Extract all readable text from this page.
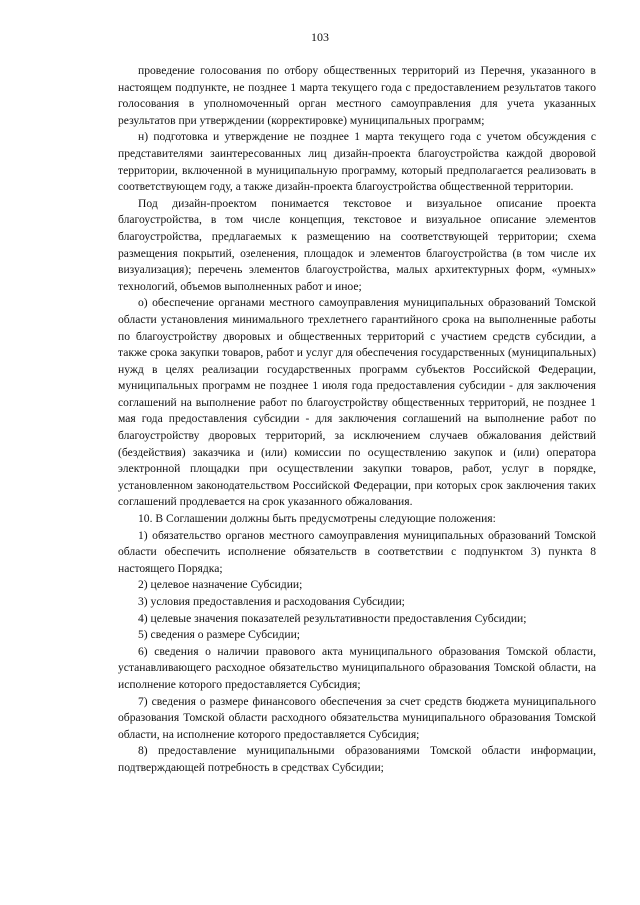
103

проведение голосования по отбору общественных территорий из Перечня, указанного в настоящем подпункте, не позднее 1 марта текущего года с предоставлением результатов такого голосования в уполномоченный орган местного самоуправления для учета указанных результатов при утверждении (корректировке) муниципальных программ;

н) подготовка и утверждение не позднее 1 марта текущего года с учетом обсуждения с представителями заинтересованных лиц дизайн-проекта благоустройства каждой дворовой территории, включенной в муниципальную программу, который предполагается реализовать в соответствующем году, а также дизайн-проекта благоустройства общественной территории.

Под дизайн-проектом понимается текстовое и визуальное описание проекта благоустройства, в том числе концепция, текстовое и визуальное описание элементов благоустройства, предлагаемых к размещению на соответствующей территории; схема размещения покрытий, озеленения, площадок и элементов благоустройства (в том числе их визуализация); перечень элементов благоустройства, малых архитектурных форм, «умных» технологий, объемов выполненных работ и иное;

о) обеспечение органами местного самоуправления муниципальных образований Томской области установления минимального трехлетнего гарантийного срока на выполненные работы по благоустройству дворовых и общественных территорий с участием средств субсидии, а также срока закупки товаров, работ и услуг для обеспечения государственных (муниципальных) нужд в целях реализации государственных программ субъектов Российской Федерации, муниципальных программ не позднее 1 июля года предоставления субсидии - для заключения соглашений на выполнение работ по благоустройству общественных территорий, не позднее 1 мая года предоставления субсидии - для заключения соглашений на выполнение работ по благоустройству дворовых территорий, за исключением случаев обжалования действий (бездействия) заказчика и (или) комиссии по осуществлению закупок и (или) оператора электронной площадки при осуществлении закупки товаров, работ, услуг в порядке, установленном законодательством Российской Федерации, при которых срок заключения таких соглашений продлевается на срок указанного обжалования.

10. В Соглашении должны быть предусмотрены следующие положения:

1) обязательство органов местного самоуправления муниципальных образований Томской области обеспечить исполнение обязательств в соответствии с подпунктом 3) пункта 8 настоящего Порядка;

2) целевое назначение Субсидии;

3) условия предоставления и расходования Субсидии;

4) целевые значения показателей результативности предоставления Субсидии;

5) сведения о размере Субсидии;

6) сведения о наличии правового акта муниципального образования Томской области, устанавливающего расходное обязательство муниципального образования Томской области, на исполнение которого предоставляется Субсидия;

7) сведения о размере финансового обеспечения за счет средств бюджета муниципального образования Томской области расходного обязательства муниципального образования Томской области, на исполнение которого предоставляется Субсидия;

8) предоставление муниципальными образованиями Томской области информации, подтверждающей потребность в средствах Субсидии;
